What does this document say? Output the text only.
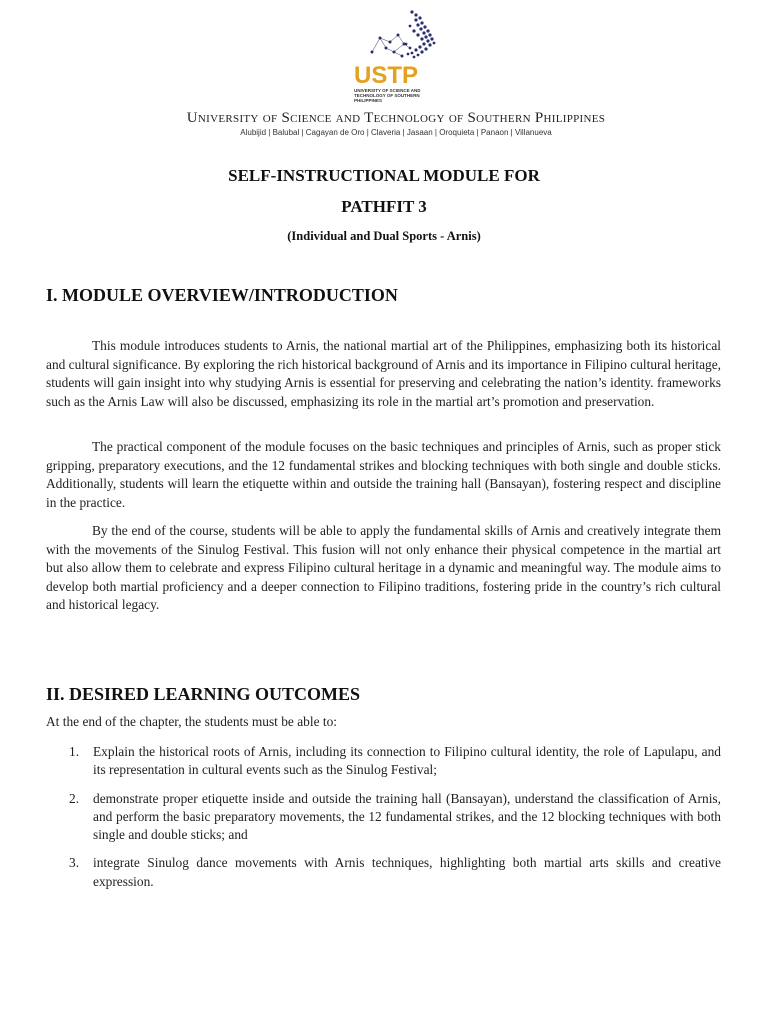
USTP
UNIVERSITY OF SCIENCE AND TECHNOLOGY OF SOUTHERN PHILIPPINES
University of Science and Technology of Southern Philippines
Alubijid | Balubal | Cagayan de Oro | Claveria | Jasaan | Oroquieta | Panaon | Villanueva
SELF-INSTRUCTIONAL MODULE FOR
PATHFIT 3
(Individual and Dual Sports - Arnis)
I. MODULE OVERVIEW/INTRODUCTION

This module introduces students to Arnis, the national martial art of the Philippines, emphasizing both its historical and cultural significance. By exploring the rich historical background of Arnis and its importance in Filipino cultural heritage, students will gain insight into why studying Arnis is essential for preserving and celebrating the nation’s identity. frameworks such as the Arnis Law will also be discussed, emphasizing its role in the martial art’s promotion and preservation.

The practical component of the module focuses on the basic techniques and principles of Arnis, such as proper stick gripping, preparatory executions, and the 12 fundamental strikes and blocking techniques with both single and double sticks. Additionally, students will learn the etiquette within and outside the training hall (Bansayan), fostering respect and discipline in the practice.

By the end of the course, students will be able to apply the fundamental skills of Arnis and creatively integrate them with the movements of the Sinulog Festival. This fusion will not only enhance their physical competence in the martial art but also allow them to celebrate and express Filipino cultural heritage in a dynamic and meaningful way. The module aims to develop both martial proficiency and a deeper connection to Filipino traditions, fostering pride in the country’s rich cultural and historical legacy.

II. DESIRED LEARNING OUTCOMES
At the end of the chapter, the students must be able to:
1. Explain the historical roots of Arnis, including its connection to Filipino cultural identity, the role of Lapulapu, and its representation in cultural events such as the Sinulog Festival;
2. demonstrate proper etiquette inside and outside the training hall (Bansayan), understand the classification of Arnis, and perform the basic preparatory movements, the 12 fundamental strikes, and the 12 blocking techniques with both single and double sticks; and
3. integrate Sinulog dance movements with Arnis techniques, highlighting both martial arts skills and creative expression.
